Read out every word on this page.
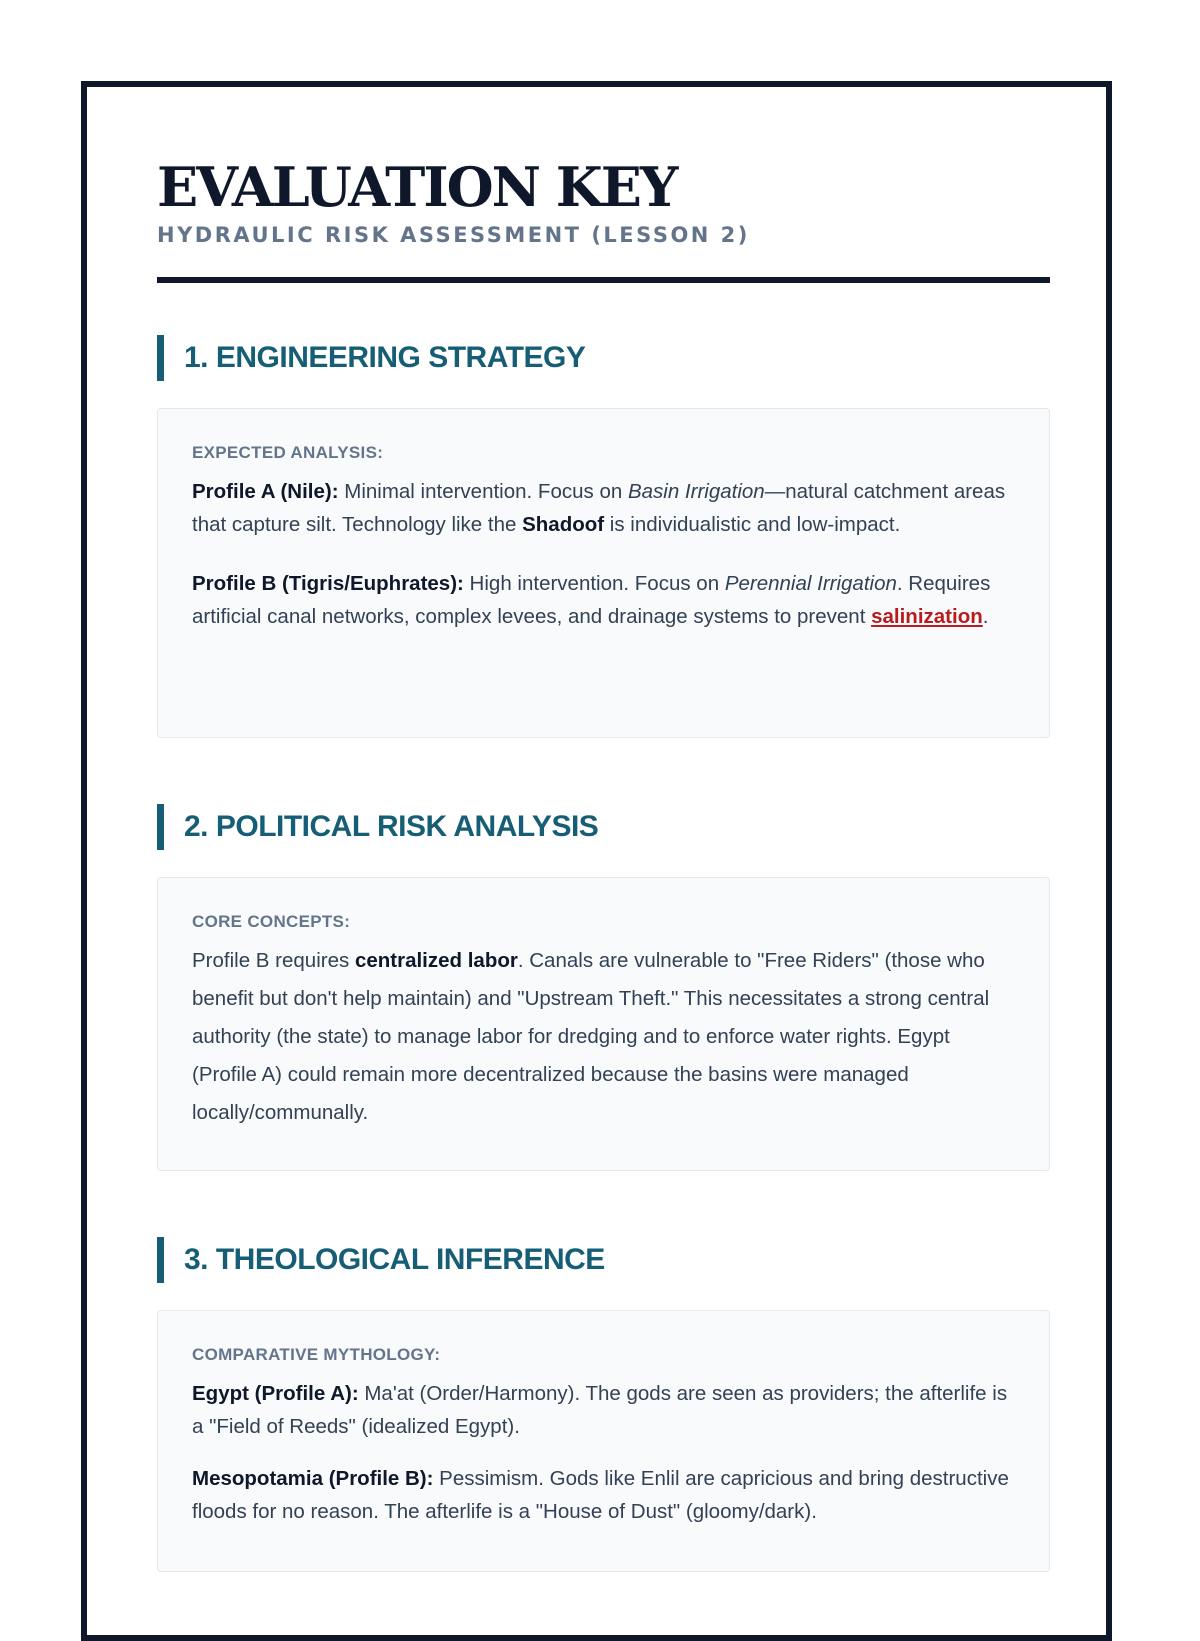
EVALUATION KEY
HYDRAULIC RISK ASSESSMENT (LESSON 2)
1. ENGINEERING STRATEGY
EXPECTED ANALYSIS:

Profile A (Nile): Minimal intervention. Focus on Basin Irrigation—natural catchment areas that capture silt. Technology like the Shadoof is individualistic and low-impact.

Profile B (Tigris/Euphrates): High intervention. Focus on Perennial Irrigation. Requires artificial canal networks, complex levees, and drainage systems to prevent salinization.

2. POLITICAL RISK ANALYSIS
CORE CONCEPTS:

Profile B requires centralized labor. Canals are vulnerable to "Free Riders" (those who benefit but don't help maintain) and "Upstream Theft." This necessitates a strong central authority (the state) to manage labor for dredging and to enforce water rights. Egypt (Profile A) could remain more decentralized because the basins were managed locally/communally.

3. THEOLOGICAL INFERENCE
COMPARATIVE MYTHOLOGY:

Egypt (Profile A): Ma'at (Order/Harmony). The gods are seen as providers; the afterlife is a "Field of Reeds" (idealized Egypt).

Mesopotamia (Profile B): Pessimism. Gods like Enlil are capricious and bring destructive floods for no reason. The afterlife is a "House of Dust" (gloomy/dark).
